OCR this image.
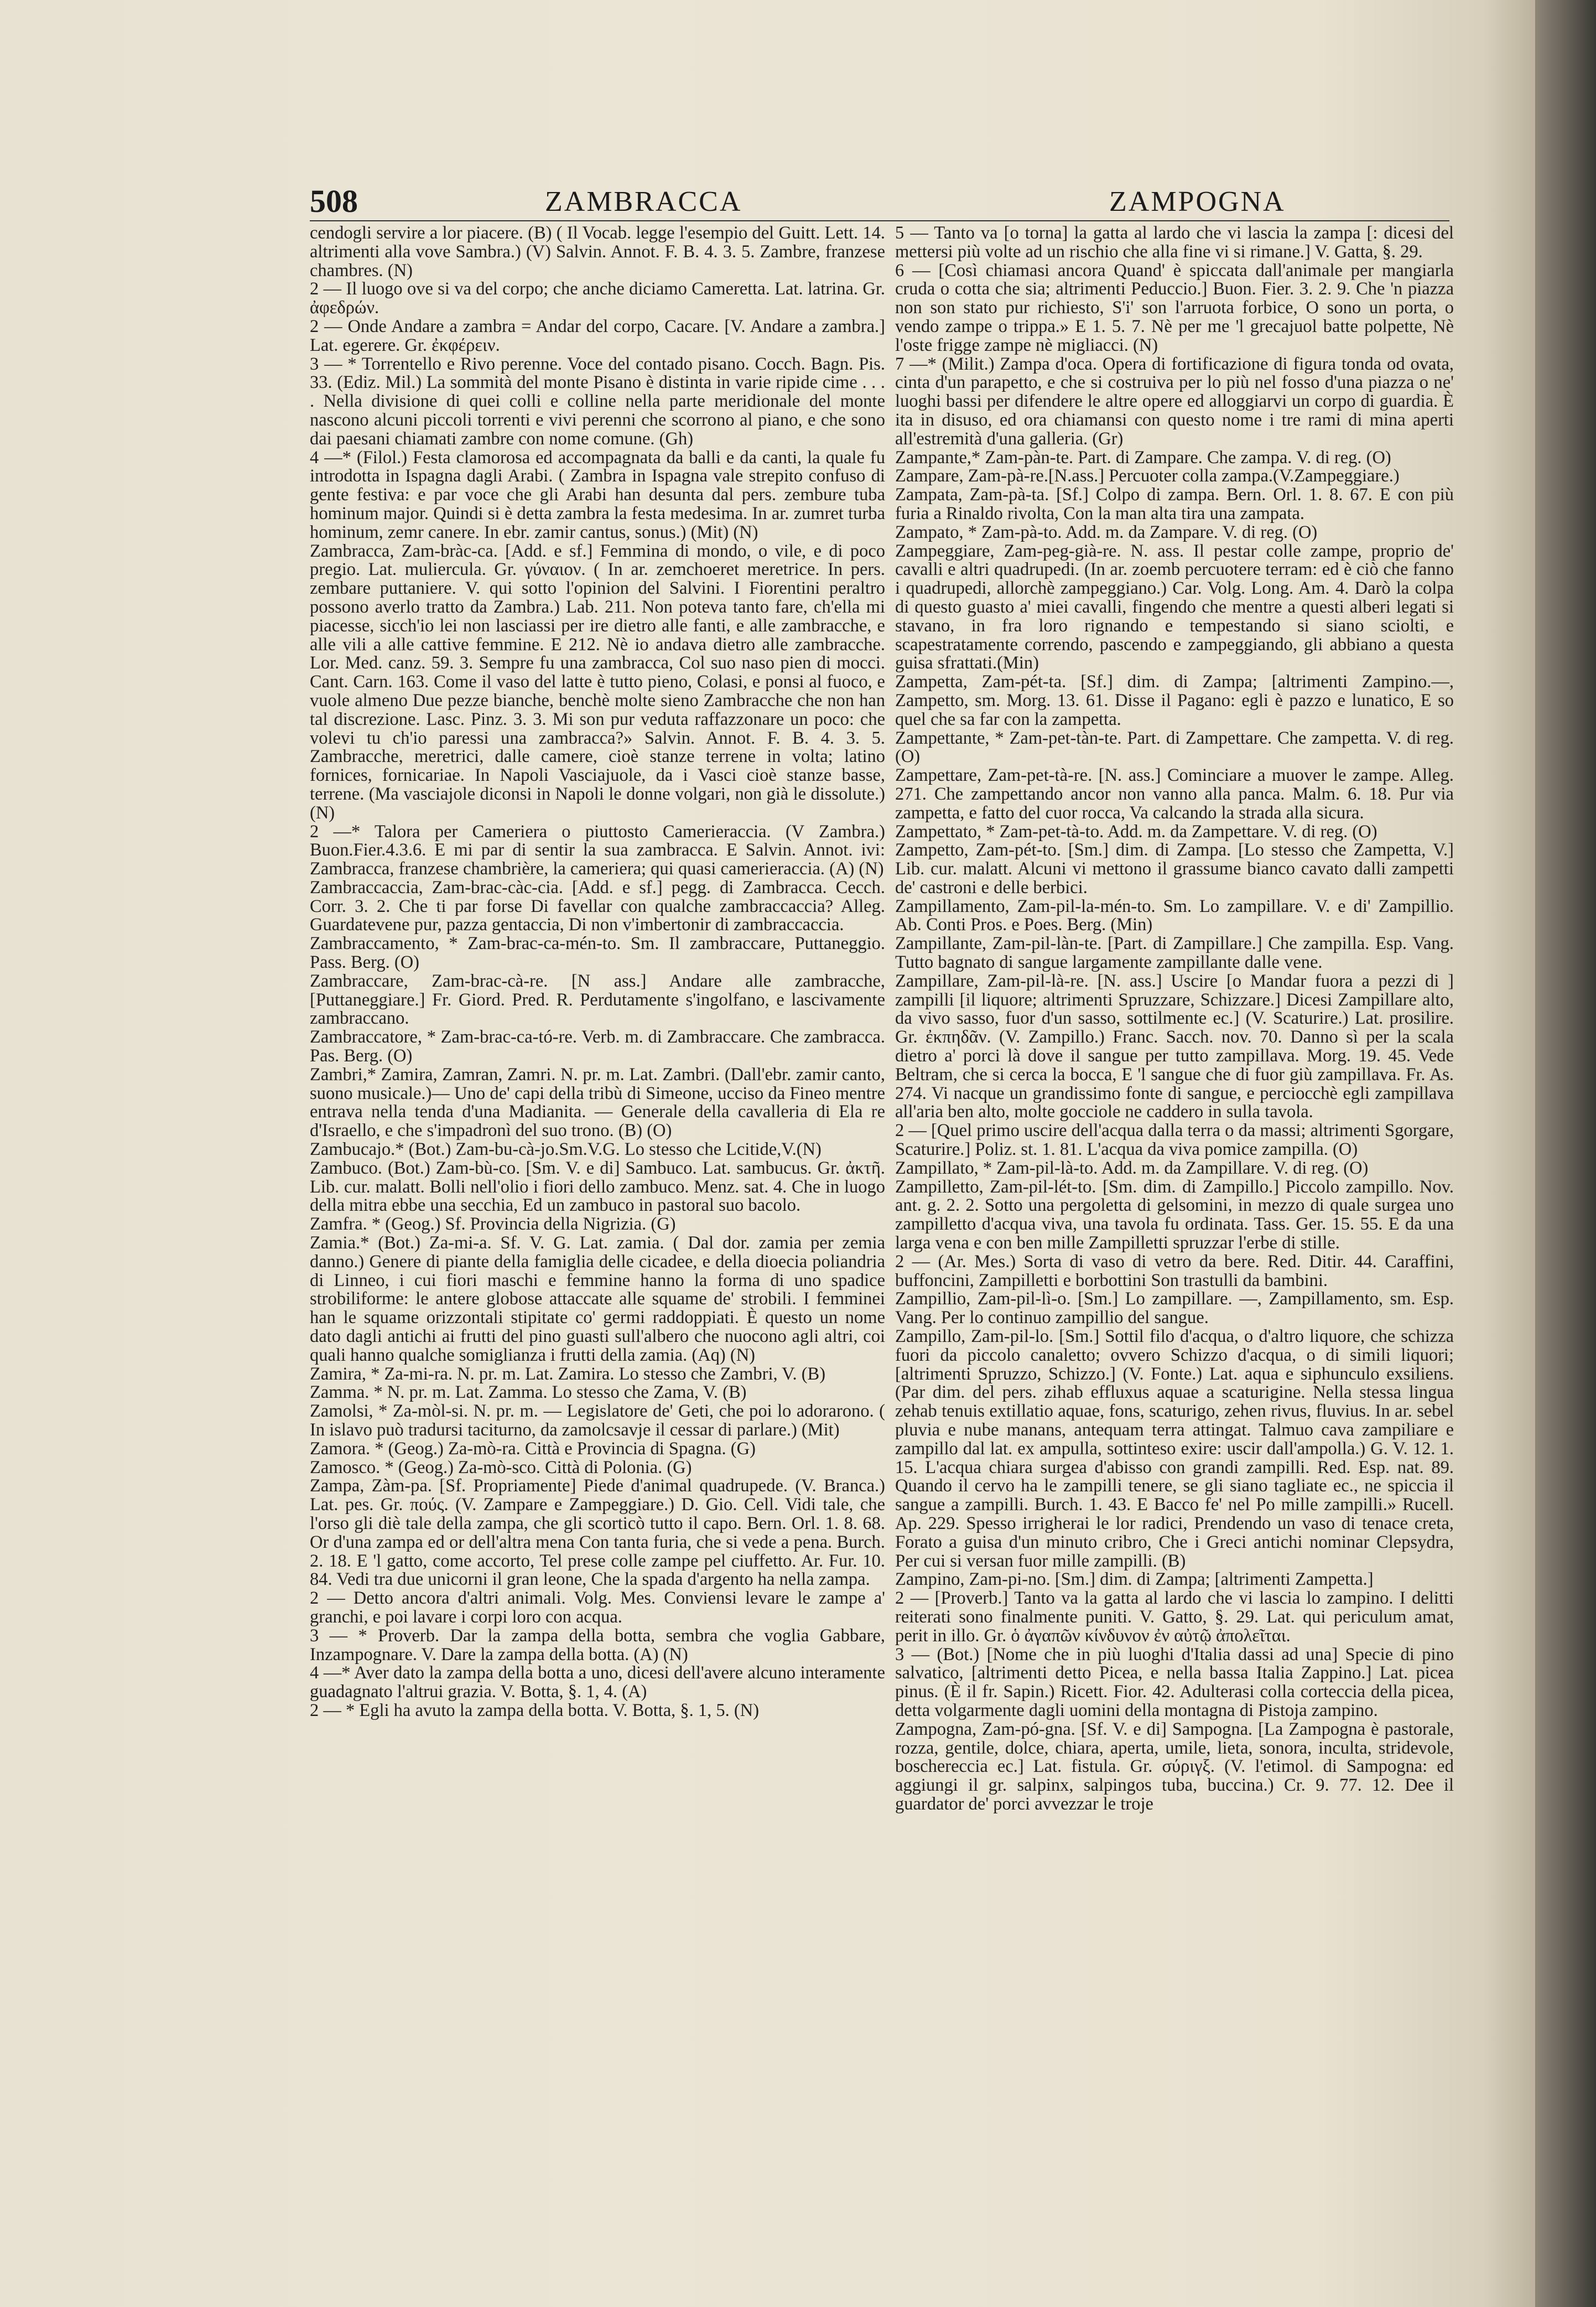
508	ZAMBRACCA	ZAMPOGNA

cendogli servire a lor piacere. (B) ( Il Vocab. legge l'esempio del Guitt. Lett. 14. altrimenti alla vove Sambra.) (V) Salvin. Annot. F. B. 4. 3. 5. Zambre, franzese chambres. (N)

2 — Il luogo ove si va del corpo; che anche diciamo Cameretta. Lat. latrina. Gr. ἀφεδρών.

2 — Onde Andare a zambra = Andar del corpo, Cacare. [V. Andare a zambra.] Lat. egerere. Gr. ἐκφέρειν.

3 — * Torrentello e Rivo perenne. Voce del contado pisano. Cocch. Bagn. Pis. 33. (Ediz. Mil.) La sommità del monte Pisano è distinta in varie ripide cime . . . . Nella divisione di quei colli e colline nella parte meridionale del monte nascono alcuni piccoli torrenti e vivi perenni che scorrono al piano, e che sono dai paesani chiamati zambre con nome comune. (Gh)

4 —* (Filol.) Festa clamorosa ed accompagnata da balli e da canti, la quale fu introdotta in Ispagna dagli Arabi. ( Zambra in Ispagna vale strepito confuso di gente festiva: e par voce che gli Arabi han desunta dal pers. zembure tuba hominum major. Quindi si è detta zambra la festa medesima. In ar. zumret turba hominum, zemr canere. In ebr. zamir cantus, sonus.) (Mit) (N)

Zambracca, Zam-bràc-ca. [Add. e sf.] Femmina di mondo, o vile, e di poco pregio. Lat. muliercula. Gr. γύναιον. ( In ar. zemchoeret meretrice. In pers. zembare puttaniere. V. qui sotto l'opinion del Salvini. I Fiorentini peraltro possono averlo tratto da Zambra.) Lab. 211. Non poteva tanto fare, ch'ella mi piacesse, sicch'io lei non lasciassi per ire dietro alle fanti, e alle zambracche, e alle vili a alle cattive femmine. E 212. Nè io andava dietro alle zambracche. Lor. Med. canz. 59. 3. Sempre fu una zambracca, Col suo naso pien di mocci. Cant. Carn. 163. Come il vaso del latte è tutto pieno, Colasi, e ponsi al fuoco, e vuole almeno Due pezze bianche, benchè molte sieno Zambracche che non han tal discrezione. Lasc. Pinz. 3. 3. Mi son pur veduta raffazzonare un poco: che volevi tu ch'io paressi una zambracca?» Salvin. Annot. F. B. 4. 3. 5. Zambracche, meretrici, dalle camere, cioè stanze terrene in volta; latino fornices, fornicariae. In Napoli Vasciajuole, da i Vasci cioè stanze basse, terrene. (Ma vasciajole diconsi in Napoli le donne volgari, non già le dissolute.) (N)

2 —* Talora per Cameriera o piuttosto Camerieraccia. (V Zambra.) Buon.Fier.4.3.6. E mi par di sentir la sua zambracca. E Salvin. Annot. ivi: Zambracca, franzese chambrière, la cameriera; qui quasi camerieraccia. (A) (N)

Zambraccaccia, Zam-brac-càc-cia. [Add. e sf.] pegg. di Zambracca. Cecch. Corr. 3. 2. Che ti par forse Di favellar con qualche zambraccaccia? Alleg. Guardatevene pur, pazza gentaccia, Di non v'imbertonir di zambraccaccia.

Zambraccamento, * Zam-brac-ca-mén-to. Sm. Il zambraccare, Puttaneggio. Pass. Berg. (O)

Zambraccare, Zam-brac-cà-re. [N ass.] Andare alle zambracche, [Puttaneggiare.] Fr. Giord. Pred. R. Perdutamente s'ingolfano, e lascivamente zambraccano.

Zambraccatore, * Zam-brac-ca-tó-re. Verb. m. di Zambraccare. Che zambracca. Pas. Berg. (O)

Zambri,* Zamira, Zamran, Zamri. N. pr. m. Lat. Zambri. (Dall'ebr. zamir canto, suono musicale.)— Uno de' capi della tribù di Simeone, ucciso da Fineo mentre entrava nella tenda d'una Madianita. — Generale della cavalleria di Ela re d'Israello, e che s'impadronì del suo trono. (B) (O)

Zambucajo.* (Bot.) Zam-bu-cà-jo.Sm.V.G. Lo stesso che Lcitide,V.(N)

Zambuco. (Bot.) Zam-bù-co. [Sm. V. e di] Sambuco. Lat. sambucus. Gr. ἀκτῆ. Lib. cur. malatt. Bolli nell'olio i fiori dello zambuco. Menz. sat. 4. Che in luogo della mitra ebbe una secchia, Ed un zambuco in pastoral suo bacolo.

Zamfra. * (Geog.) Sf. Provincia della Nigrizia. (G)

Zamia.* (Bot.) Za-mi-a. Sf. V. G. Lat. zamia. ( Dal dor. zamia per zemia danno.) Genere di piante della famiglia delle cicadee, e della dioecia poliandria di Linneo, i cui fiori maschi e femmine hanno la forma di uno spadice strobiliforme: le antere globose attaccate alle squame de' strobili. I femminei han le squame orizzontali stipitate co' germi raddoppiati. È questo un nome dato dagli antichi ai frutti del pino guasti sull'albero che nuocono agli altri, coi quali hanno qualche somiglianza i frutti della zamia. (Aq) (N)

Zamira, * Za-mi-ra. N. pr. m. Lat. Zamira. Lo stesso che Zambri, V. (B)

Zamma. * N. pr. m. Lat. Zamma. Lo stesso che Zama, V. (B)

Zamolsi, * Za-mòl-si. N. pr. m. — Legislatore de' Geti, che poi lo adorarono. ( In islavo può tradursi taciturno, da zamolcsavje il cessar di parlare.) (Mit)

Zamora. * (Geog.) Za-mò-ra. Città e Provincia di Spagna. (G)

Zamosco. * (Geog.) Za-mò-sco. Città di Polonia. (G)

Zampa, Zàm-pa. [Sf. Propriamente] Piede d'animal quadrupede. (V. Branca.) Lat. pes. Gr. πούς. (V. Zampare e Zampeggiare.) D. Gio. Cell. Vidi tale, che l'orso gli diè tale della zampa, che gli scorticò tutto il capo. Bern. Orl. 1. 8. 68. Or d'una zampa ed or dell'altra mena Con tanta furia, che si vede a pena. Burch. 2. 18. E 'l gatto, come accorto, Tel prese colle zampe pel ciuffetto. Ar. Fur. 10. 84. Vedi tra due unicorni il gran leone, Che la spada d'argento ha nella zampa.

2 — Detto ancora d'altri animali. Volg. Mes. Conviensi levare le zampe a' granchi, e poi lavare i corpi loro con acqua.

3 — * Proverb. Dar la zampa della botta, sembra che voglia Gabbare, Inzampognare. V. Dare la zampa della botta. (A) (N)

4 —* Aver dato la zampa della botta a uno, dicesi dell'avere alcuno interamente guadagnato l'altrui grazia. V. Botta, §. 1, 4. (A)

2 — * Egli ha avuto la zampa della botta. V. Botta, §. 1, 5. (N)

5 — Tanto va [o torna] la gatta al lardo che vi lascia la zampa [: dicesi del mettersi più volte ad un rischio che alla fine vi si rimane.] V. Gatta, §. 29.

6 — [Così chiamasi ancora Quand' è spiccata dall'animale per mangiarla cruda o cotta che sia; altrimenti Peduccio.] Buon. Fier. 3. 2. 9. Che 'n piazza non son stato pur richiesto, S'i' son l'arruota forbice, O sono un porta, o vendo zampe o trippa.» E 1. 5. 7. Nè per me 'l grecajuol batte polpette, Nè l'oste frigge zampe nè migliacci. (N)

7 —* (Milit.) Zampa d'oca. Opera di fortificazione di figura tonda od ovata, cinta d'un parapetto, e che si costruiva per lo più nel fosso d'una piazza o ne' luoghi bassi per difendere le altre opere ed alloggiarvi un corpo di guardia. È ita in disuso, ed ora chiamansi con questo nome i tre rami di mina aperti all'estremità d'una galleria. (Gr)

Zampante,* Zam-pàn-te. Part. di Zampare. Che zampa. V. di reg. (O)

Zampare, Zam-pà-re.[N.ass.] Percuoter colla zampa.(V.Zampeggiare.)

Zampata, Zam-pà-ta. [Sf.] Colpo di zampa. Bern. Orl. 1. 8. 67. E con più furia a Rinaldo rivolta, Con la man alta tira una zampata.

Zampato, * Zam-pà-to. Add. m. da Zampare. V. di reg. (O)

Zampeggiare, Zam-peg-già-re. N. ass. Il pestar colle zampe, proprio de' cavalli e altri quadrupedi. (In ar. zoemb percuotere terram: ed è ciò che fanno i quadrupedi, allorchè zampeggiano.) Car. Volg. Long. Am. 4. Darò la colpa di questo guasto a' miei cavalli, fingendo che mentre a questi alberi legati si stavano, in fra loro rignando e tempestando si siano sciolti, e scapestratamente correndo, pascendo e zampeggiando, gli abbiano a questa guisa sfrattati.(Min)

Zampetta, Zam-pét-ta. [Sf.] dim. di Zampa; [altrimenti Zampino.—, Zampetto, sm. Morg. 13. 61. Disse il Pagano: egli è pazzo e lunatico, E so quel che sa far con la zampetta.

Zampettante, * Zam-pet-tàn-te. Part. di Zampettare. Che zampetta. V. di reg. (O)

Zampettare, Zam-pet-tà-re. [N. ass.] Cominciare a muover le zampe. Alleg. 271. Che zampettando ancor non vanno alla panca. Malm. 6. 18. Pur via zampetta, e fatto del cuor rocca, Va calcando la strada alla sicura.

Zampettato, * Zam-pet-tà-to. Add. m. da Zampettare. V. di reg. (O)

Zampetto, Zam-pét-to. [Sm.] dim. di Zampa. [Lo stesso che Zampetta, V.] Lib. cur. malatt. Alcuni vi mettono il grassume bianco cavato dalli zampetti de' castroni e delle berbici.

Zampillamento, Zam-pil-la-mén-to. Sm. Lo zampillare. V. e di' Zampillio. Ab. Conti Pros. e Poes. Berg. (Min)

Zampillante, Zam-pil-làn-te. [Part. di Zampillare.] Che zampilla. Esp. Vang. Tutto bagnato di sangue largamente zampillante dalle vene.

Zampillare, Zam-pil-là-re. [N. ass.] Uscire [o Mandar fuora a pezzi di ] zampilli [il liquore; altrimenti Spruzzare, Schizzare.] Dicesi Zampillare alto, da vivo sasso, fuor d'un sasso, sottilmente ec.] (V. Scaturire.) Lat. prosilire. Gr. ἐκπηδᾶν. (V. Zampillo.) Franc. Sacch. nov. 70. Danno sì per la scala dietro a' porci là dove il sangue per tutto zampillava. Morg. 19. 45. Vede Beltram, che si cerca la bocca, E 'l sangue che di fuor giù zampillava. Fr. As. 274. Vi nacque un grandissimo fonte di sangue, e perciocchè egli zampillava all'aria ben alto, molte gocciole ne caddero in sulla tavola.

2 — [Quel primo uscire dell'acqua dalla terra o da massi; altrimenti Sgorgare, Scaturire.] Poliz. st. 1. 81. L'acqua da viva pomice zampilla. (O)

Zampillato, * Zam-pil-là-to. Add. m. da Zampillare. V. di reg. (O)

Zampilletto, Zam-pil-lét-to. [Sm. dim. di Zampillo.] Piccolo zampillo. Nov. ant. g. 2. 2. Sotto una pergoletta di gelsomini, in mezzo di quale surgea uno zampilletto d'acqua viva, una tavola fu ordinata. Tass. Ger. 15. 55. E da una larga vena e con ben mille Zampilletti spruzzar l'erbe di stille.

2 — (Ar. Mes.) Sorta di vaso di vetro da bere. Red. Ditir. 44. Caraffini, buffoncini, Zampilletti e borbottini Son trastulli da bambini.

Zampillio, Zam-pil-lì-o. [Sm.] Lo zampillare. —, Zampillamento, sm. Esp. Vang. Per lo continuo zampillio del sangue.

Zampillo, Zam-pil-lo. [Sm.] Sottil filo d'acqua, o d'altro liquore, che schizza fuori da piccolo canaletto; ovvero Schizzo d'acqua, o di simili liquori; [altrimenti Spruzzo, Schizzo.] (V. Fonte.) Lat. aqua e siphunculo exsiliens. (Par dim. del pers. zihab effluxus aquae a scaturigine. Nella stessa lingua zehab tenuis extillatio aquae, fons, scaturigo, zehen rivus, fluvius. In ar. sebel pluvia e nube manans, antequam terra attingat. Talmuo cava zampiliare e zampillo dal lat. ex ampulla, sottinteso exire: uscir dall'ampolla.) G. V. 12. 1. 15. L'acqua chiara surgea d'abisso con grandi zampilli. Red. Esp. nat. 89. Quando il cervo ha le zampilli tenere, se gli siano tagliate ec., ne spiccia il sangue a zampilli. Burch. 1. 43. E Bacco fe' nel Po mille zampilli.» Rucell. Ap. 229. Spesso irrigherai le lor radici, Prendendo un vaso di tenace creta, Forato a guisa d'un minuto cribro, Che i Greci antichi nominar Clepsydra, Per cui si versan fuor mille zampilli. (B)

Zampino, Zam-pi-no. [Sm.] dim. di Zampa; [altrimenti Zampetta.]

2 — [Proverb.] Tanto va la gatta al lardo che vi lascia lo zampino. I delitti reiterati sono finalmente puniti. V. Gatto, §. 29. Lat. qui periculum amat, perit in illo. Gr. ὁ ἀγαπῶν κίνδυνον ἐν αὐτῷ ἀπολεῖται.

3 — (Bot.) [Nome che in più luoghi d'Italia dassi ad una] Specie di pino salvatico, [altrimenti detto Picea, e nella bassa Italia Zappino.] Lat. picea pinus. (È il fr. Sapin.) Ricett. Fior. 42. Adulterasi colla corteccia della picea, detta volgarmente dagli uomini della montagna di Pistoja zampino.

Zampogna, Zam-pó-gna. [Sf. V. e di] Sampogna. [La Zampogna è pastorale, rozza, gentile, dolce, chiara, aperta, umile, lieta, sonora, inculta, stridevole, boschereccia ec.] Lat. fistula. Gr. σύριγξ. (V. l'etimol. di Sampogna: ed aggiungi il gr. salpinx, salpingos tuba, buccina.) Cr. 9. 77. 12. Dee il guardator de' porci avvezzar le troje
